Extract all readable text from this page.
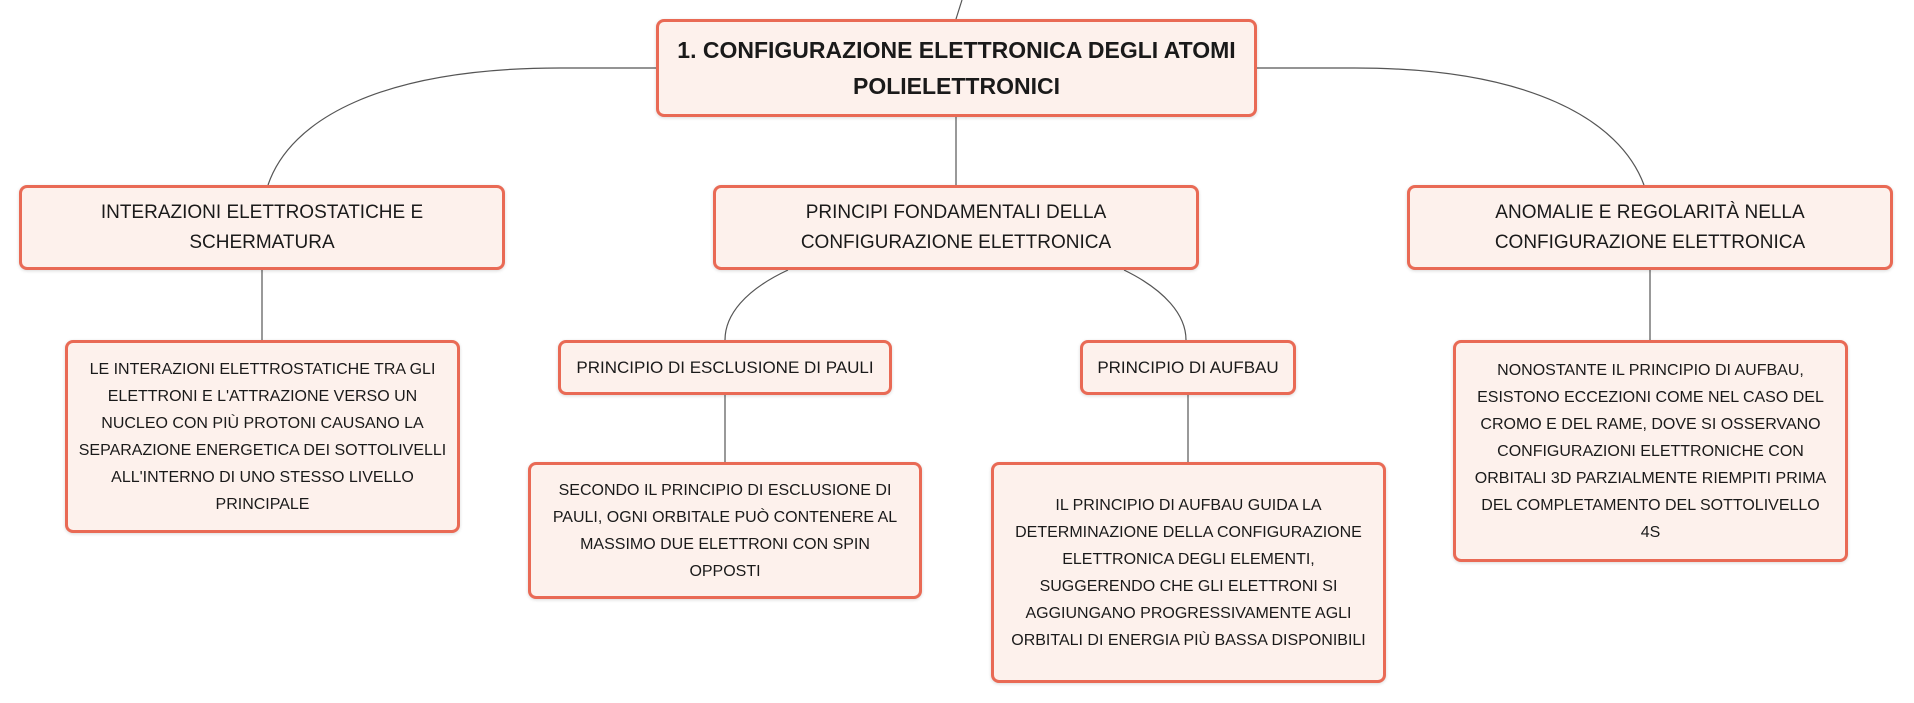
1. CONFIGURAZIONE ELETTRONICA DEGLI ATOMI
POLIELETTRONICI
INTERAZIONI ELETTROSTATICHE E SCHERMATURA
PRINCIPI FONDAMENTALI DELLA
CONFIGURAZIONE ELETTRONICA
ANOMALIE E REGOLARITÀ NELLA
CONFIGURAZIONE ELETTRONICA
PRINCIPIO DI ESCLUSIONE DI PAULI	PRINCIPIO DI AUFBAU
LE INTERAZIONI ELETTROSTATICHE TRA GLI
ELETTRONI E L'ATTRAZIONE VERSO UN
NUCLEO CON PIÙ PROTONI CAUSANO LA
SEPARAZIONE ENERGETICA DEI SOTTOLIVELLI
ALL'INTERNO DI UNO STESSO LIVELLO
PRINCIPALE
SECONDO IL PRINCIPIO DI ESCLUSIONE DI
PAULI, OGNI ORBITALE PUÒ CONTENERE AL
MASSIMO DUE ELETTRONI CON SPIN
OPPOSTI
IL PRINCIPIO DI AUFBAU GUIDA LA
DETERMINAZIONE DELLA CONFIGURAZIONE
ELETTRONICA DEGLI ELEMENTI,
SUGGERENDO CHE GLI ELETTRONI SI
AGGIUNGANO PROGRESSIVAMENTE AGLI
ORBITALI DI ENERGIA PIÙ BASSA DISPONIBILI
NONOSTANTE IL PRINCIPIO DI AUFBAU,
ESISTONO ECCEZIONI COME NEL CASO DEL
CROMO E DEL RAME, DOVE SI OSSERVANO
CONFIGURAZIONI ELETTRONICHE CON
ORBITALI 3D PARZIALMENTE RIEMPITI PRIMA
DEL COMPLETAMENTO DEL SOTTOLIVELLO
4S
